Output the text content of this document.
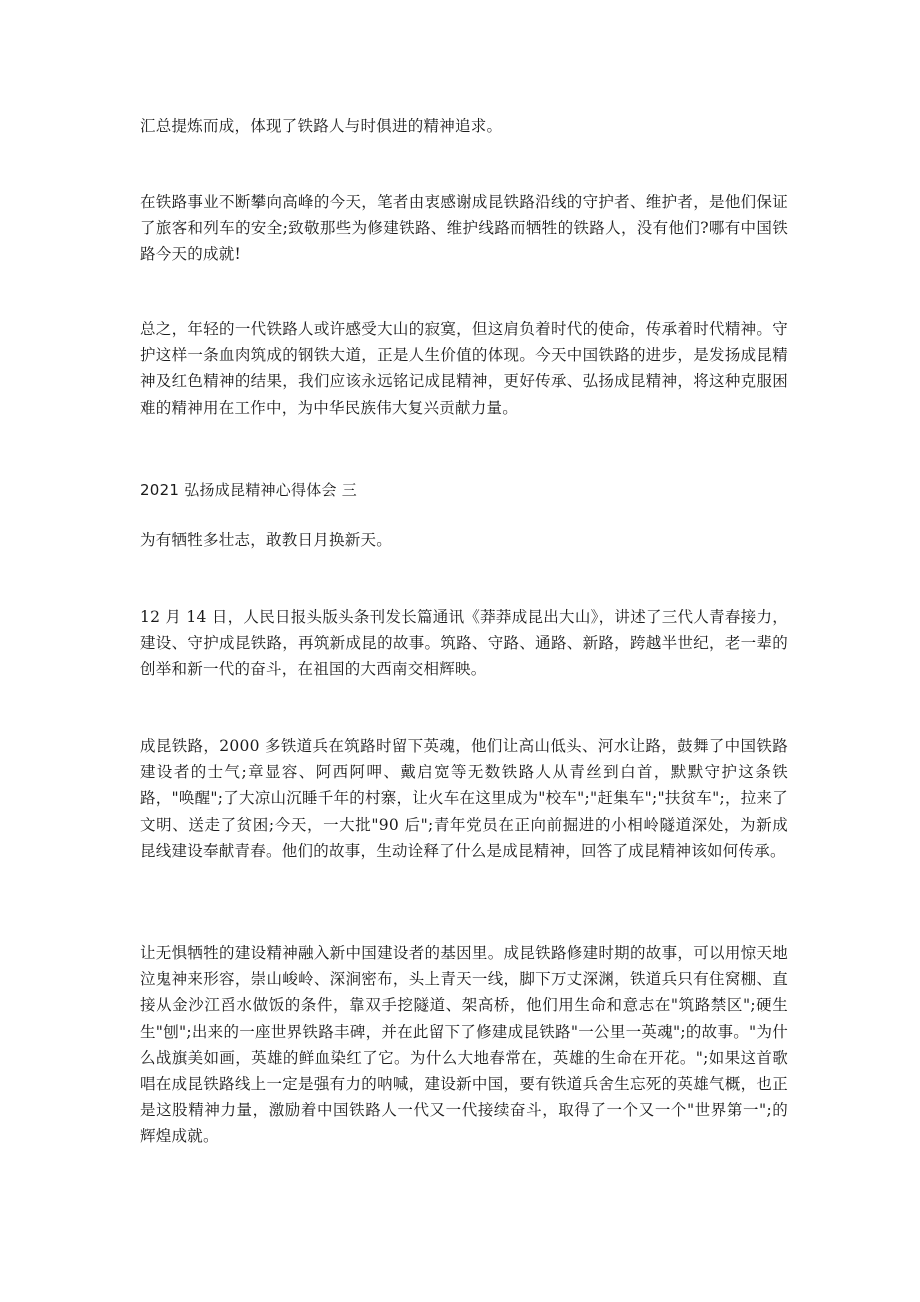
汇总提炼而成，体现了铁路人与时俱进的精神追求。

在铁路事业不断攀向高峰的今天，笔者由衷感谢成昆铁路沿线的守护者、维护者，是他们保证了旅客和列车的安全;致敬那些为修建铁路、维护线路而牺牲的铁路人，没有他们?哪有中国铁路今天的成就!

总之，年轻的一代铁路人或许感受大山的寂寞，但这肩负着时代的使命，传承着时代精神。守护这样一条血肉筑成的钢铁大道，正是人生价值的体现。今天中国铁路的进步，是发扬成昆精神及红色精神的结果，我们应该永远铭记成昆精神，更好传承、弘扬成昆精神，将这种克服困难的精神用在工作中，为中华民族伟大复兴贡献力量。

2021 弘扬成昆精神心得体会 三

为有牺牲多壮志，敢教日月换新天。

12 月 14 日，人民日报头版头条刊发长篇通讯《莽莽成昆出大山》，讲述了三代人青春接力，建设、守护成昆铁路，再筑新成昆的故事。筑路、守路、通路、新路，跨越半世纪，老一辈的创举和新一代的奋斗，在祖国的大西南交相辉映。

成昆铁路，2000 多铁道兵在筑路时留下英魂，他们让高山低头、河水让路，鼓舞了中国铁路建设者的士气;章显容、阿西阿呷、戴启宽等无数铁路人从青丝到白首，默默守护这条铁路，"唤醒";了大凉山沉睡千年的村寨，让火车在这里成为"校车";"赶集车";"扶贫车";，拉来了文明、送走了贫困;今天，一大批"90 后";青年党员在正向前掘进的小相岭隧道深处，为新成昆线建设奉献青春。他们的故事，生动诠释了什么是成昆精神，回答了成昆精神该如何传承。

让无惧牺牲的建设精神融入新中国建设者的基因里。成昆铁路修建时期的故事，可以用惊天地泣鬼神来形容，崇山峻岭、深涧密布，头上青天一线，脚下万丈深渊，铁道兵只有住窝棚、直接从金沙江舀水做饭的条件，靠双手挖隧道、架高桥，他们用生命和意志在"筑路禁区";硬生生"刨";出来的一座世界铁路丰碑，并在此留下了修建成昆铁路"一公里一英魂";的故事。"为什么战旗美如画，英雄的鲜血染红了它。为什么大地春常在，英雄的生命在开花。";如果这首歌唱在成昆铁路线上一定是强有力的呐喊，建设新中国，要有铁道兵舍生忘死的英雄气概，也正是这股精神力量，激励着中国铁路人一代又一代接续奋斗，取得了一个又一个"世界第一";的辉煌成就。
